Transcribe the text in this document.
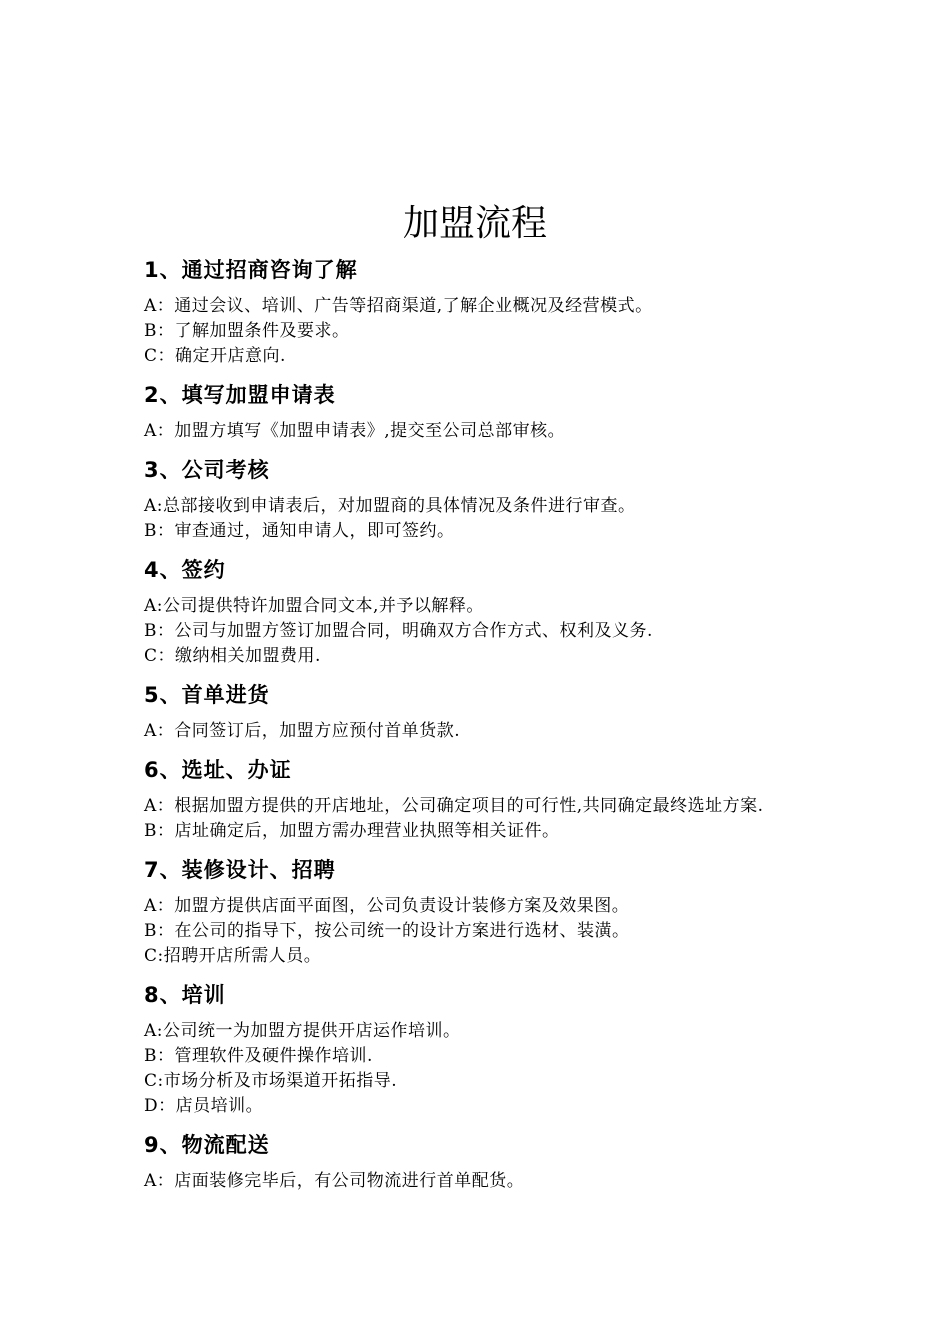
加盟流程
1、通过招商咨询了解
A：通过会议、培训、广告等招商渠道,了解企业概况及经营模式。
B：了解加盟条件及要求。
C：确定开店意向.
2、填写加盟申请表
A：加盟方填写《加盟申请表》,提交至公司总部审核。
3、公司考核
A:总部接收到申请表后，对加盟商的具体情况及条件进行审查。
B：审查通过，通知申请人，即可签约。
4、签约
A:公司提供特许加盟合同文本,并予以解释。
B：公司与加盟方签订加盟合同，明确双方合作方式、权利及义务.
C：缴纳相关加盟费用.
5、首单进货
A：合同签订后，加盟方应预付首单货款.
6、选址、办证
A：根据加盟方提供的开店地址，公司确定项目的可行性,共同确定最终选址方案.
B：店址确定后，加盟方需办理营业执照等相关证件。
7、装修设计、招聘
A：加盟方提供店面平面图，公司负责设计装修方案及效果图。
B：在公司的指导下，按公司统一的设计方案进行选材、装潢。
C:招聘开店所需人员。
8、培训
A:公司统一为加盟方提供开店运作培训。
B：管理软件及硬件操作培训.
C:市场分析及市场渠道开拓指导.
D：店员培训。
9、物流配送
A：店面装修完毕后，有公司物流进行首单配货。
